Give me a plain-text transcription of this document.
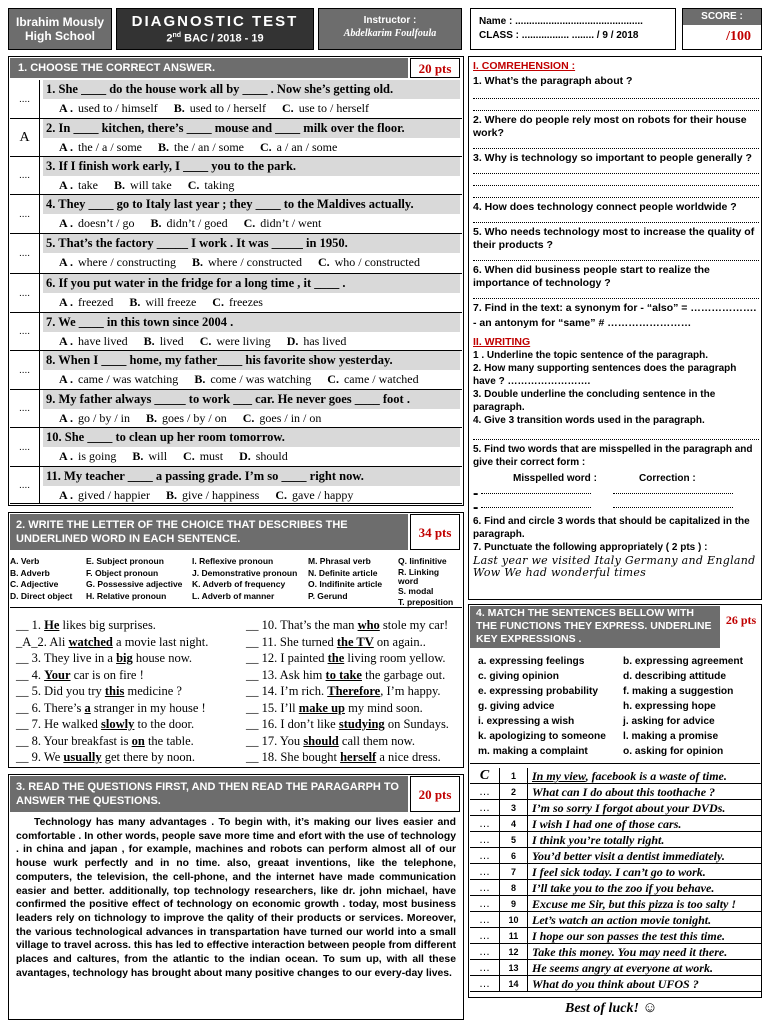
Ibrahim Mously High School
DIAGNOSTIC TEST
2nd BAC / 2018 - 19
Instructor :
Abdelkarim Foulfoula
Name : ..............................................
CLASS : ................. ........ / 9 / 2018
SCORE :
/100
1. CHOOSE THE CORRECT ANSWER.	20 pts
....
1. She ____ do the house work all by ____ . Now she’s getting old.
A . used to / himself B. used to / herself C. use to / herself
A
2. In ____ kitchen, there’s ____ mouse and ____ milk over the floor.
A . the / a / some B. the / an / some C. a / an / some
....
3. If I finish work early, I ____ you to the park.
A . take B. will take C. taking
....
4. They ____ go to Italy last year ; they ____ to the Maldives actually.
A . doesn’t / go B. didn’t / goed C. didn’t / went
....
5. That’s the factory _____ I work . It was _____ in 1950.
A . where / constructing B. where / constructed C. who / constructed
....
6. If you put water in the fridge for a long time , it ____ .
A . freezed B. will freeze C. freezes
....
7. We ____ in this town since 2004 .
A . have lived B. lived C. were living D. has lived
....
8. When I ____ home, my father____ his favorite show yesterday.
A . came / was watching B. come / was watching C. came / watched
....
9. My father always _____ to work ___ car. He never goes ____ foot .
A . go / by / in B. goes / by / on C. goes / in / on
....
10. She ____ to clean up her room tomorrow.
A . is going B. will C. must D. should
....
11. My teacher ____ a passing grade. I’m so ____ right now.
A . gived / happier B. give / happiness C. gave / happy
2. WRITE THE LETTER OF THE CHOICE THAT DESCRIBES THE UNDERLINED WORD IN EACH SENTENCE.	34 pts
A. Verb
B. Adverb
C. Adjective
D. Direct object
E. Subject pronoun
F. Object pronoun
G. Possessive adjective
H. Relative pronoun
I. Reflexive pronoun
J. Demonstrative pronoun
K. Adverb of frequency
L. Adverb of manner
M. Phrasal verb
N. Definite article
O. Indifinite article
P. Gerund
Q. Iinfinitive
R. Linking word
S. modal
T. preposition
__ 1. He likes big surprises.
_A_2. Ali watched a movie last night.
__ 3. They live in a big house now.
__ 4. Your car is on fire !
__ 5. Did you try this medicine ?
__ 6. There’s a stranger in my house !
__ 7. He walked slowly to the door.
__ 8. Your breakfast is on the table.
__ 9. We usually get there by noon.
__ 10. That’s the man who stole my car!
__ 11. She turned the TV on again..
__ 12. I painted the living room yellow.
__ 13. Ask him to take the garbage out.
__ 14. I’m rich. Therefore, I’m happy.
__ 15. I’ll make up my mind soon.
__ 16. I don’t like studying on Sundays.
__ 17. You should call them now.
__ 18. She bought herself a nice dress.
3. READ THE QUESTIONS FIRST, AND THEN READ THE PARAGARPH TO ANSWER THE QUESTIONS.	20 pts
Technology has many advantages . To begin with, it’s making our lives easier and comfortable . In other words, people save more time and efort with the use of technology . in china and japan , for example, machines and robots can perform almost all of our house wurk perfectly and in no time. also, greaat inventions, like the telephone, computers, the television, the cell-phone, and the internet have made communication easier and better. additionally, top technology researchers, like dr. john michael, have confirmed the positive effect of technology on economic growth . today, most business leaders rely on tichnology to improve the qality of their products or services. Moreover, the various technological advances in transpartation have turned our world into a small village to travel across. this has led to effective interaction between people from different places and caltures, from the atlantic to the indian ocean. To sum up, with all these avantages, technology has brought about many positive changes to our every-day lives.
I. COMREHENSION :
1. What’s the paragraph about ?
2. Where do people rely most on robots for their house work?
3. Why is technology so important to people generally ?
4. How does technology connect people worldwide ?
5. Who needs technology most to increase the quality of their products ?
6. When did business people start to realize the importance of technology ?
7. Find in the text: a synonym for - “also” = ……………….
- an antonym for “same” # ……………………
II. WRITING
1 . Underline the topic sentence of the paragraph.
2. How many supporting sentences does the paragraph have ? …………………….
3. Double underline the concluding sentence in the paragraph.
4. Give 3 transition words used in the paragraph.
5. Find two words that are misspelled in the paragraph and give their correct form :
Misspelled word :	Correction :
-
-
6. Find and circle 3 words that should be capitalized in the paragraph.
7. Punctuate the following appropriately ( 2 pts ) :
Last year we visited Italy Germany and England Wow We had wonderful times
4. MATCH THE SENTENCES BELLOW WITH THE FUNCTIONS THEY EXPRESS. UNDERLINE KEY EXPRESSIONS .
26 pts
a. expressing feelings	b. expressing agreement
c. giving opinion	d. describing attitude
e. expressing probability f. making a suggestion
g. giving advice	h. expressing hope
i. expressing a wish	j. asking for advice
k. apologizing to someone l. making a promise
m. making a complaint	o. asking for opinion
C	1	In my view, facebook is a waste of time.
…	2	What can I do about this toothache ?
…	3	I’m so sorry I forgot about your DVDs.
…	4	I wish I had one of those cars.
…	5	I think you’re totally right.
…	6	You’d better visit a dentist immediately.
…	7	I feel sick today. I can’t go to work.
…	8	I’ll take you to the zoo if you behave.
…	9	Excuse me Sir, but this pizza is too salty !
…	10	Let’s watch an action movie tonight.
…	11	I hope our son passes the test this time.
…	12	Take this money. You may need it there.
…	13	He seems angry at everyone at work.
…	14	What do you think about UFOS ?
Best of luck! ☺
